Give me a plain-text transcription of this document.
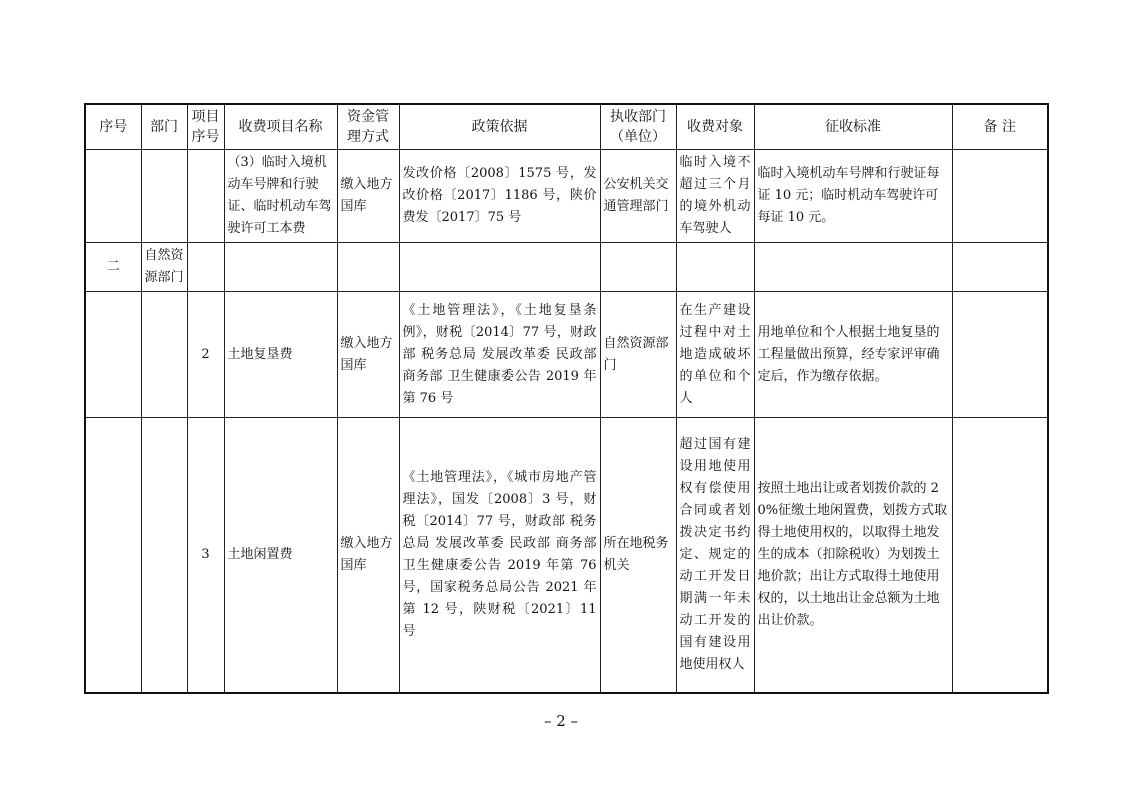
序号	部门	项目序号	收费项目名称	资金管理方式	政策依据	执收部门（单位）	收费对象	征收标准	备 注
			（3）临时入境机动车号牌和行驶证、临时机动车驾驶许可工本费	缴入地方国库	发改价格〔2008〕1575 号，发改价格〔2017〕1186 号，陕价费发〔2017〕75 号	公安机关交通管理部门	临时入境不超过三个月的境外机动车驾驶人	临时入境机动车号牌和行驶证每证 10 元；临时机动车驾驶许可每证 10 元。	
二	自然资源部门								
		2	土地复垦费	缴入地方国库	《土地管理法》，《土地复垦条例》，财税〔2014〕77 号，财政部 税务总局 发展改革委 民政部 商务部 卫生健康委公告 2019 年第 76 号	自然资源部门	在生产建设过程中对土地造成破坏的单位和个人	用地单位和个人根据土地复垦的工程量做出预算，经专家评审确定后，作为缴存依据。	
		3	土地闲置费	缴入地方国库	《土地管理法》，《城市房地产管理法》，国发〔2008〕3 号，财税〔2014〕77 号，财政部 税务总局 发展改革委 民政部 商务部 卫生健康委公告 2019 年第 76 号，国家税务总局公告 2021 年第 12 号，陕财税〔2021〕11 号	所在地税务机关	超过国有建设用地使用权有偿使用合同或者划拨决定书约定、规定的动工开发日期满一年未动工开发的国有建设用地使用权人	按照土地出让或者划拨价款的 20%征缴土地闲置费，划拨方式取得土地使用权的，以取得土地发生的成本（扣除税收）为划拨土地价款；出让方式取得土地使用权的，以土地出让金总额为土地出让价款。	
– 2 –
